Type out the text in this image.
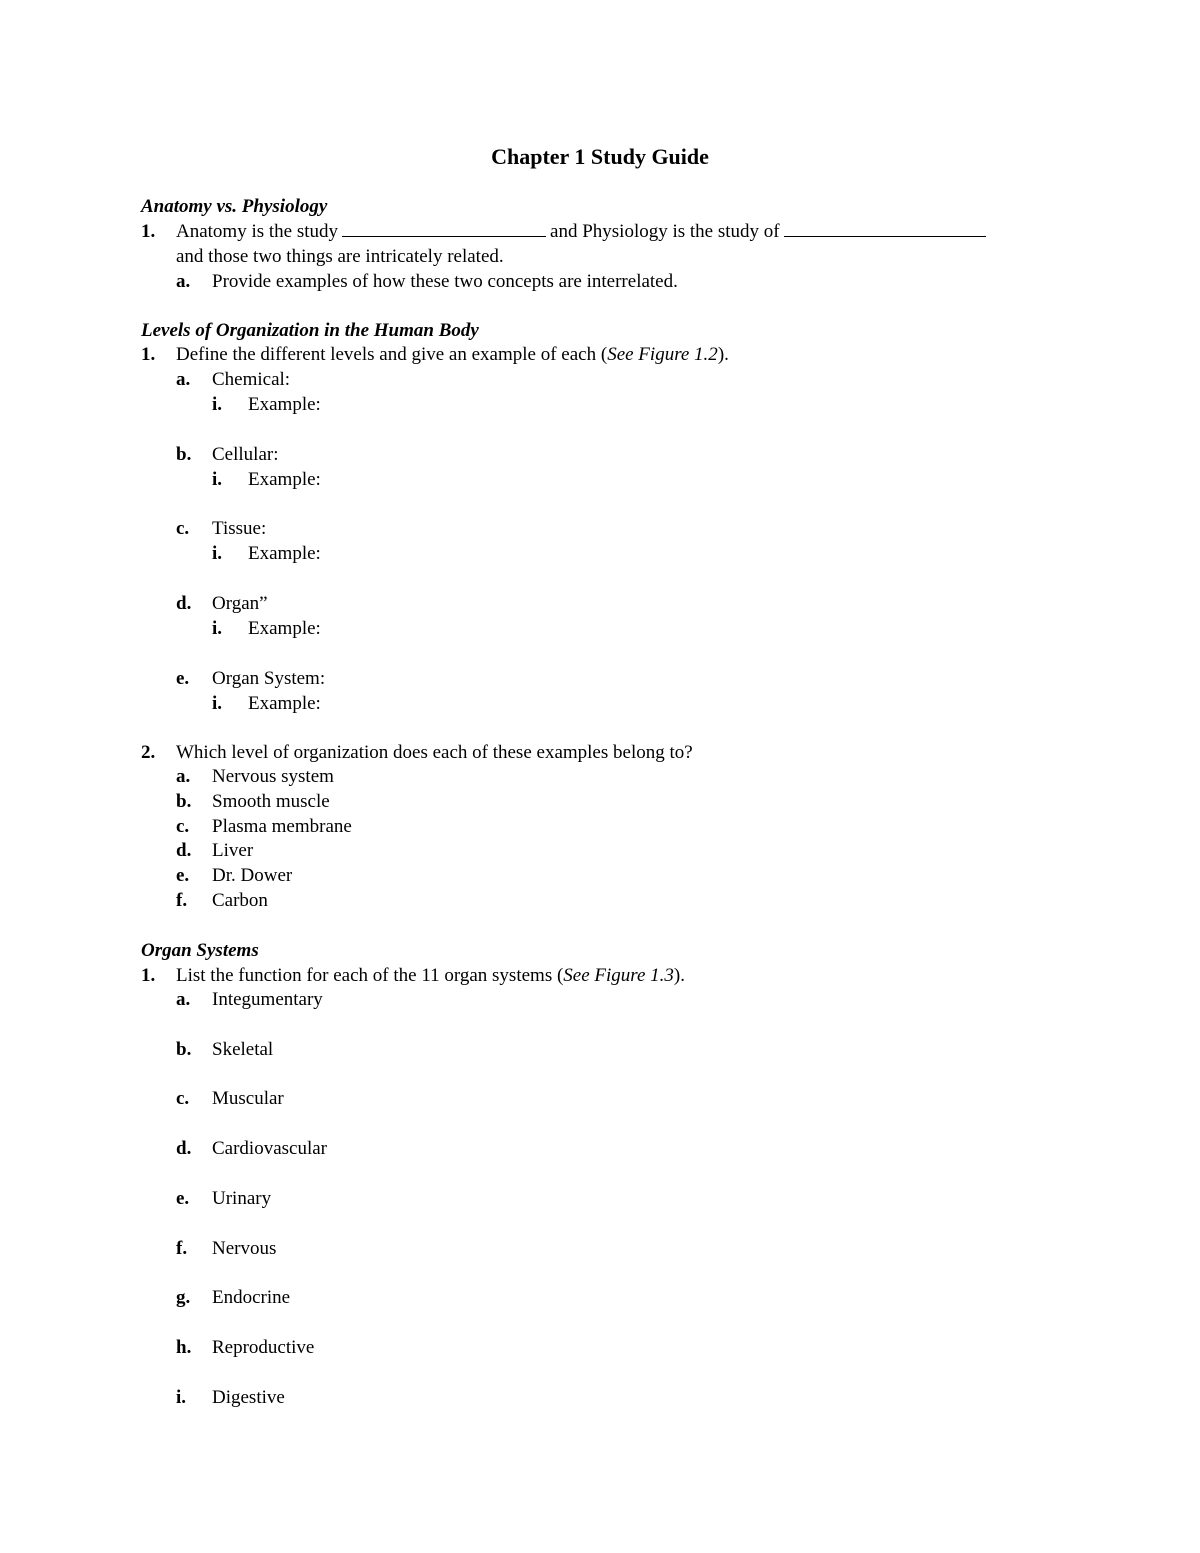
Chapter 1 Study Guide
Anatomy vs. Physiology
1. Anatomy is the study	and Physiology is the study of
and those two things are intricately related.
a. Provide examples of how these two concepts are interrelated.
Levels of Organization in the Human Body
1. Define the different levels and give an example of each (See Figure 1.2).
a. Chemical:
i. Example:
b. Cellular:
i. Example:
c. Tissue:
i. Example:
d. Organ”
i. Example:
e. Organ System:
i. Example:
2. Which level of organization does each of these examples belong to?
a. Nervous system
b. Smooth muscle
c. Plasma membrane
d. Liver
e. Dr. Dower
f. Carbon
Organ Systems
1. List the function for each of the 11 organ systems (See Figure 1.3).
a. Integumentary
b. Skeletal
c. Muscular
d. Cardiovascular
e. Urinary
f. Nervous
g. Endocrine
h. Reproductive
i. Digestive
